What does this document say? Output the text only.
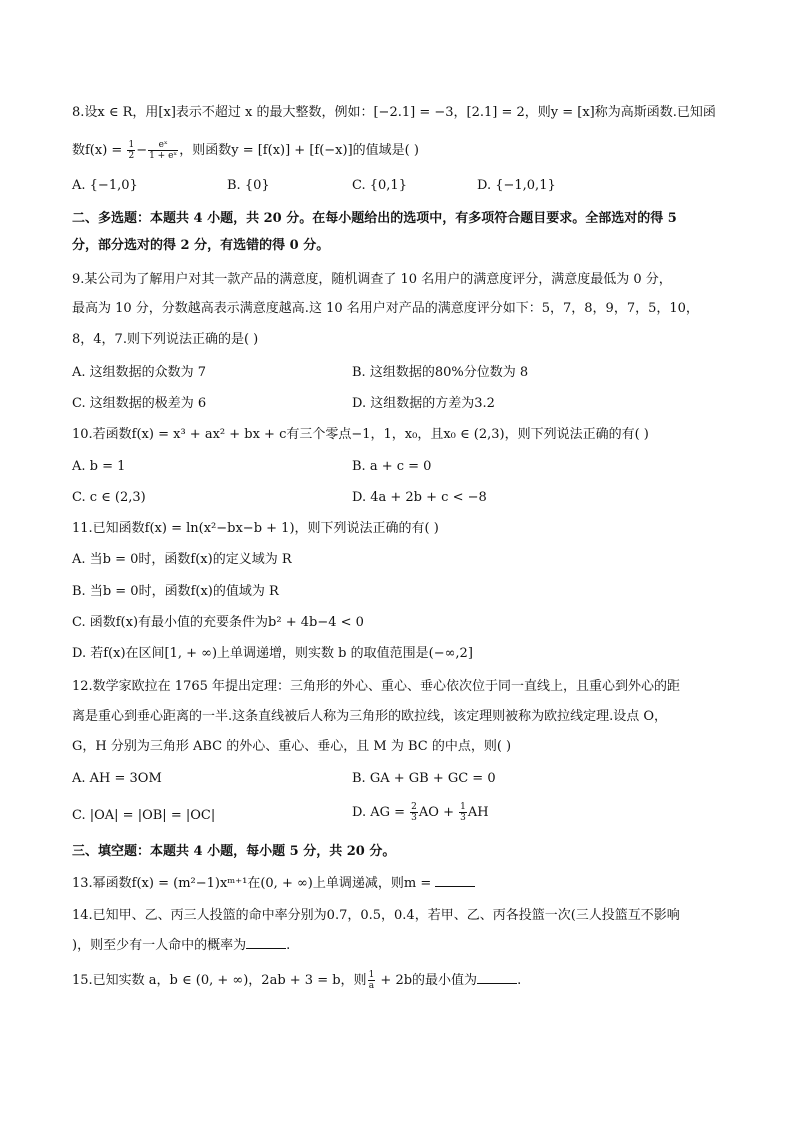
8.设x ∈ R，用[x]表示不超过 x 的最大整数，例如：[−2.1] = −3，[2.1] = 2，则y = [x]称为高斯函数.已知函
数$f(x) = \frac{1}{2} - \frac{\text{eˣ}}{\text{1 + eˣ}}$ ，则函数y = [f(x)] + [f(−x)]的值域是( )
A. {−1,0}	B. {0}	C. {0,1}	D. {−1,0,1}
二、多选题：本题共 4 小题，共 20 分。在每小题给出的选项中，有多项符合题目要求。全部选对的得 5
分，部分选对的得 2 分，有选错的得 0 分。
9.某公司为了解用户对其一款产品的满意度，随机调查了 10 名用户的满意度评分，满意度最低为 0 分，
最高为 10 分，分数越高表示满意度越高.这 10 名用户对产品的满意度评分如下：5，7，8，9，7，5，10，
8，4，7.则下列说法正确的是( )
A. 这组数据的众数为 7	B. 这组数据的80%分位数为 8
C. 这组数据的极差为 6	D. 这组数据的方差为3.2
10.若函数f(x) = x³ + ax² + bx + c有三个零点−1，1，x₀，且x₀ ∈ (2,3)，则下列说法正确的有( )
A. b = 1	B. a + c = 0
C. c ∈ (2,3)	D. 4a + 2b + c < −8
11.已知函数f(x) = ln(x²−bx−b + 1)，则下列说法正确的有( )
A. 当b = 0时，函数f(x)的定义域为 R
B. 当b = 0时，函数f(x)的值域为 R
C. 函数f(x)有最小值的充要条件为b² + 4b−4 < 0
D. 若f(x)在区间[1, + ∞)上单调递增，则实数 b 的取值范围是(−∞,2]
12.数学家欧拉在 1765 年提出定理：三角形的外心、重心、垂心依次位于同一直线上，且重心到外心的距
离是重心到垂心距离的一半.这条直线被后人称为三角形的欧拉线，该定理则被称为欧拉线定理.设点 O，
G，H 分别为三角形 ABC 的外心、重心、垂心，且 M 为 BC 的中点，则( )
A. AH = 3OM	B. GA + GB + GC = 0
C. |OA| = |OB| = |OC|	D. AG = $\frac{2}{3}$ AO + $\frac{1}{3}$ AH
三、填空题：本题共 4 小题，每小题 5 分，共 20 分。
13.幂函数f(x) = (m²−1)xᵐ⁺¹在(0, + ∞)上单调递减，则m =
14.已知甲、乙、丙三人投篮的命中率分别为0.7，0.5，0.4，若甲、乙、丙各投篮一次(三人投篮互不影响
)，则至少有一人命中的概率为	.
15.已知实数 a，b ∈ (0, + ∞)，2ab + 3 = b，则 $\frac{1}{a} + 2b$的最小值为	.
